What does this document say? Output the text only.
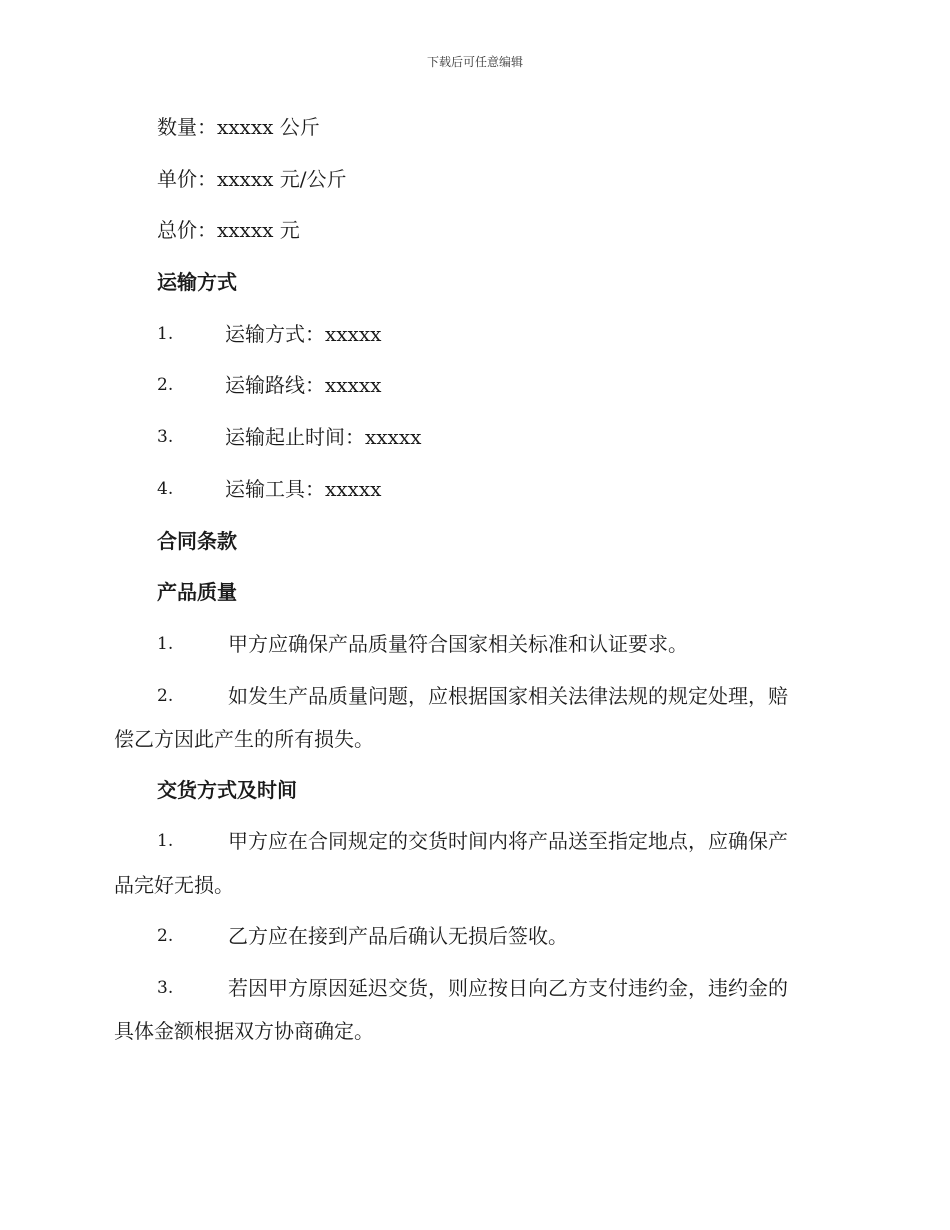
下载后可任意编辑
数量：xxxxx 公斤
单价：xxxxx 元/公斤
总价：xxxxx 元
运输方式
1.	运输方式：xxxxx
2.	运输路线：xxxxx
3.	运输起止时间：xxxxx
4.	运输工具：xxxxx
合同条款
产品质量
1.	甲方应确保产品质量符合国家相关标准和认证要求。
2.	如发生产品质量问题，应根据国家相关法律法规的规定处理，赔
偿乙方因此产生的所有损失。
交货方式及时间
1.	甲方应在合同规定的交货时间内将产品送至指定地点，应确保产
品完好无损。
2.	乙方应在接到产品后确认无损后签收。
3.	若因甲方原因延迟交货，则应按日向乙方支付违约金，违约金的
具体金额根据双方协商确定。
